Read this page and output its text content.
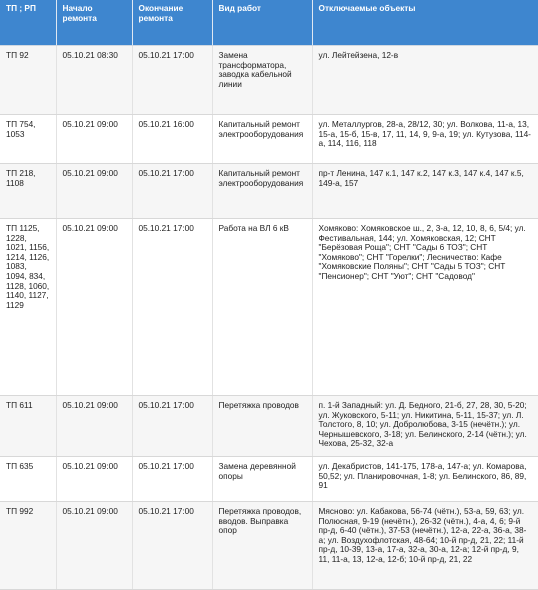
ТП ; РП	Начало ремонта	Окончание ремонта	Вид работ	Отключаемые объекты
ТП 92	05.10.21 08:30	05.10.21 17:00	Замена трансформатора, заводка кабельной линии	ул. Лейтейзена, 12-в
ТП 754, 1053	05.10.21 09:00	05.10.21 16:00	Капитальный ремонт электрооборудования	ул. Металлургов, 28-а, 28/12, 30; ул. Волкова, 11-а, 13, 15-а, 15-б, 15-в, 17, 11, 14, 9, 9-а, 19; ул. Кутузова, 114-а, 114, 116, 118
ТП 218, 1108	05.10.21 09:00	05.10.21 17:00	Капитальный ремонт электрооборудования	пр-т Ленина, 147 к.1, 147 к.2, 147 к.3, 147 к.4, 147 к.5, 149-а, 157
ТП 1125, 1228, 1021, 1156, 1214, 1126, 1083, 1094, 834, 1128, 1060, 1140, 1127, 1129	05.10.21 09:00	05.10.21 17:00	Работа на ВЛ 6 кВ	Хомяково: Хомяковское ш., 2, 3-а, 12, 10, 8, 6, 5/4; ул. Фестивальная, 144; ул. Хомяковская, 12; СНТ "Берёзовая Роща"; СНТ "Сады 6 ТОЗ"; СНТ "Хомяково"; СНТ "Горелки"; Лесничество: Кафе "Хомяковские Поляны"; СНТ "Сады 5 ТОЗ"; СНТ "Пенсионер"; СНТ "Уют"; СНТ "Садовод"
ТП 611	05.10.21 09:00	05.10.21 17:00	Перетяжка проводов	п. 1-й Западный: ул. Д. Бедного, 21-б, 27, 28, 30, 5-20; ул. Жуковского, 5-11; ул. Никитина, 5-11, 15-37; ул. Л. Толстого, 8, 10; ул. Добролюбова, 3-15 (нечётн.); ул. Чернышевского, 3-18; ул. Белинского, 2-14 (чётн.); ул. Чехова, 25-32, 32-а
ТП 635	05.10.21 09:00	05.10.21 17:00	Замена деревянной опоры	ул. Декабристов, 141-175, 178-а, 147-а; ул. Комарова, 50,52; ул. Планировочная, 1-8; ул. Белинского, 86, 89, 91
ТП 992	05.10.21 09:00	05.10.21 17:00	Перетяжка проводов, вводов. Выправка опор	Мясново: ул. Кабакова, 56-74 (чётн.), 53-а, 59, 63; ул. Полюсная, 9-19 (нечётн.), 26-32 (чётн.), 4-а, 4, 6; 9-й пр-д, 6-40 (чётн.), 37-53 (нечётн.), 12-а, 22-а, 36-а, 38-а; ул. Воздухофлотская, 48-64; 10-й пр-д, 21, 22; 11-й пр-д, 10-39, 13-а, 17-а, 32-а, 30-а, 12-а; 12-й пр-д, 9, 11, 11-а, 13, 12-а, 12-б; 10-й пр-д, 21, 22
